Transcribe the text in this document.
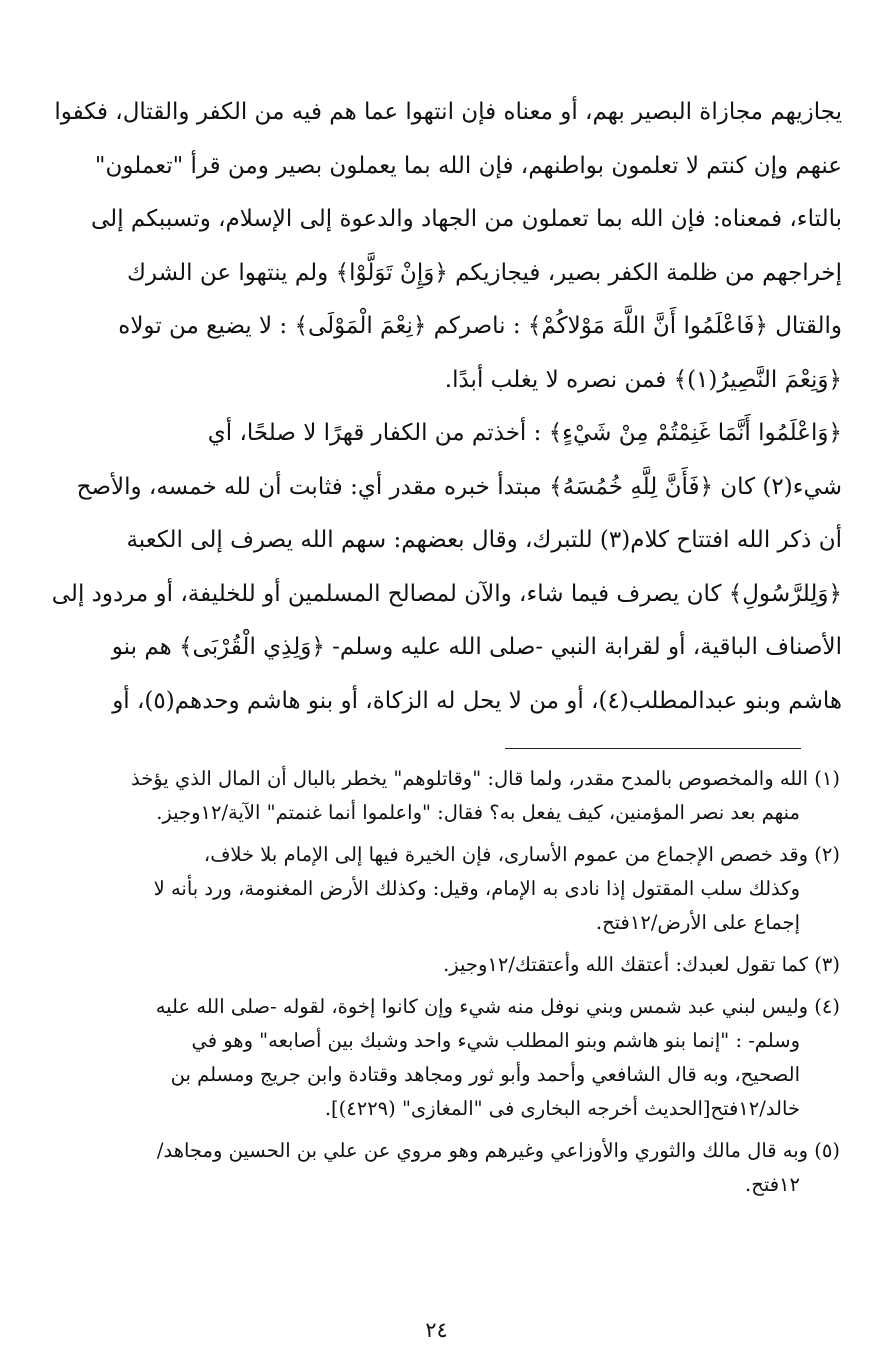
يجازيهم مجازاة البصير بهم، أو معناه فإن انتهوا عما هم فيه من الكفر والقتال، فكفوا
عنهم وإن كنتم لا تعلمون بواطنهم، فإن الله بما يعملون بصير ومن قرأ "تعملون"
بالتاء، فمعناه: فإن الله بما تعملون من الجهاد والدعوة إلى الإسلام، وتسببكم إلى
إخراجهم من ظلمة الكفر بصير، فيجازيكم ﴿وَإِنْ تَوَلَّوْا﴾ ولم ينتهوا عن الشرك
والقتال ﴿فَاعْلَمُوا أَنَّ اللَّهَ مَوْلاكُمْ﴾ : ناصركم ﴿نِعْمَ الْمَوْلَى﴾ : لا يضيع من تولاه
﴿وَنِعْمَ النَّصِيرُ(١)﴾ فمن نصره لا يغلب أبدًا.
﴿وَاعْلَمُوا أَنَّمَا غَنِمْتُمْ مِنْ شَيْءٍ﴾ : أخذتم من الكفار قهرًا لا صلحًا، أي
شيء(٢) كان ﴿فَأَنَّ لِلَّهِ خُمُسَهُ﴾ مبتدأ خبره مقدر أي: فثابت أن لله خمسه، والأصح
أن ذكر الله افتتاح كلام(٣) للتبرك، وقال بعضهم: سهم الله يصرف إلى الكعبة
﴿وَلِلرَّسُولِ﴾ كان يصرف فيما شاء، والآن لمصالح المسلمين أو للخليفة، أو مردود إلى
الأصناف الباقية، أو لقرابة النبي -صلى الله عليه وسلم- ﴿وَلِذِي الْقُرْبَى﴾ هم بنو
هاشم وبنو عبدالمطلب(٤)، أو من لا يحل له الزكاة، أو بنو هاشم وحدهم(٥)، أو
(١) الله والمخصوص بالمدح مقدر، ولما قال: "وقاتلوهم" يخطر بالبال أن المال الذي يؤخذ
منهم بعد نصر المؤمنين، كيف يفعل به؟ فقال: "واعلموا أنما غنمتم" الآية/١٢وجيز.
(٢) وقد خصص الإجماع من عموم الأسارى، فإن الخيرة فيها إلى الإمام بلا خلاف،
وكذلك سلب المقتول إذا نادى به الإمام، وقيل: وكذلك الأرض المغنومة، ورد بأنه لا
إجماع على الأرض/١٢فتح.
(٣) كما تقول لعبدك: أعتقك الله وأعتقتك/١٢وجيز.
(٤) وليس لبني عبد شمس وبني نوفل منه شيء وإن كانوا إخوة، لقوله -صلى الله عليه
وسلم- : "إنما بنو هاشم وبنو المطلب شيء واحد وشبك بين أصابعه" وهو في
الصحيح، وبه قال الشافعي وأحمد وأبو ثور ومجاهد وقتادة وابن جريج ومسلم بن
خالد/١٢فتح[الحديث أخرجه البخارى فى "المغازى" (٤٢٢٩)].
(٥) وبه قال مالك والثوري والأوزاعي وغيرهم وهو مروي عن علي بن الحسين ومجاهد/
١٢فتح.
٢٤
